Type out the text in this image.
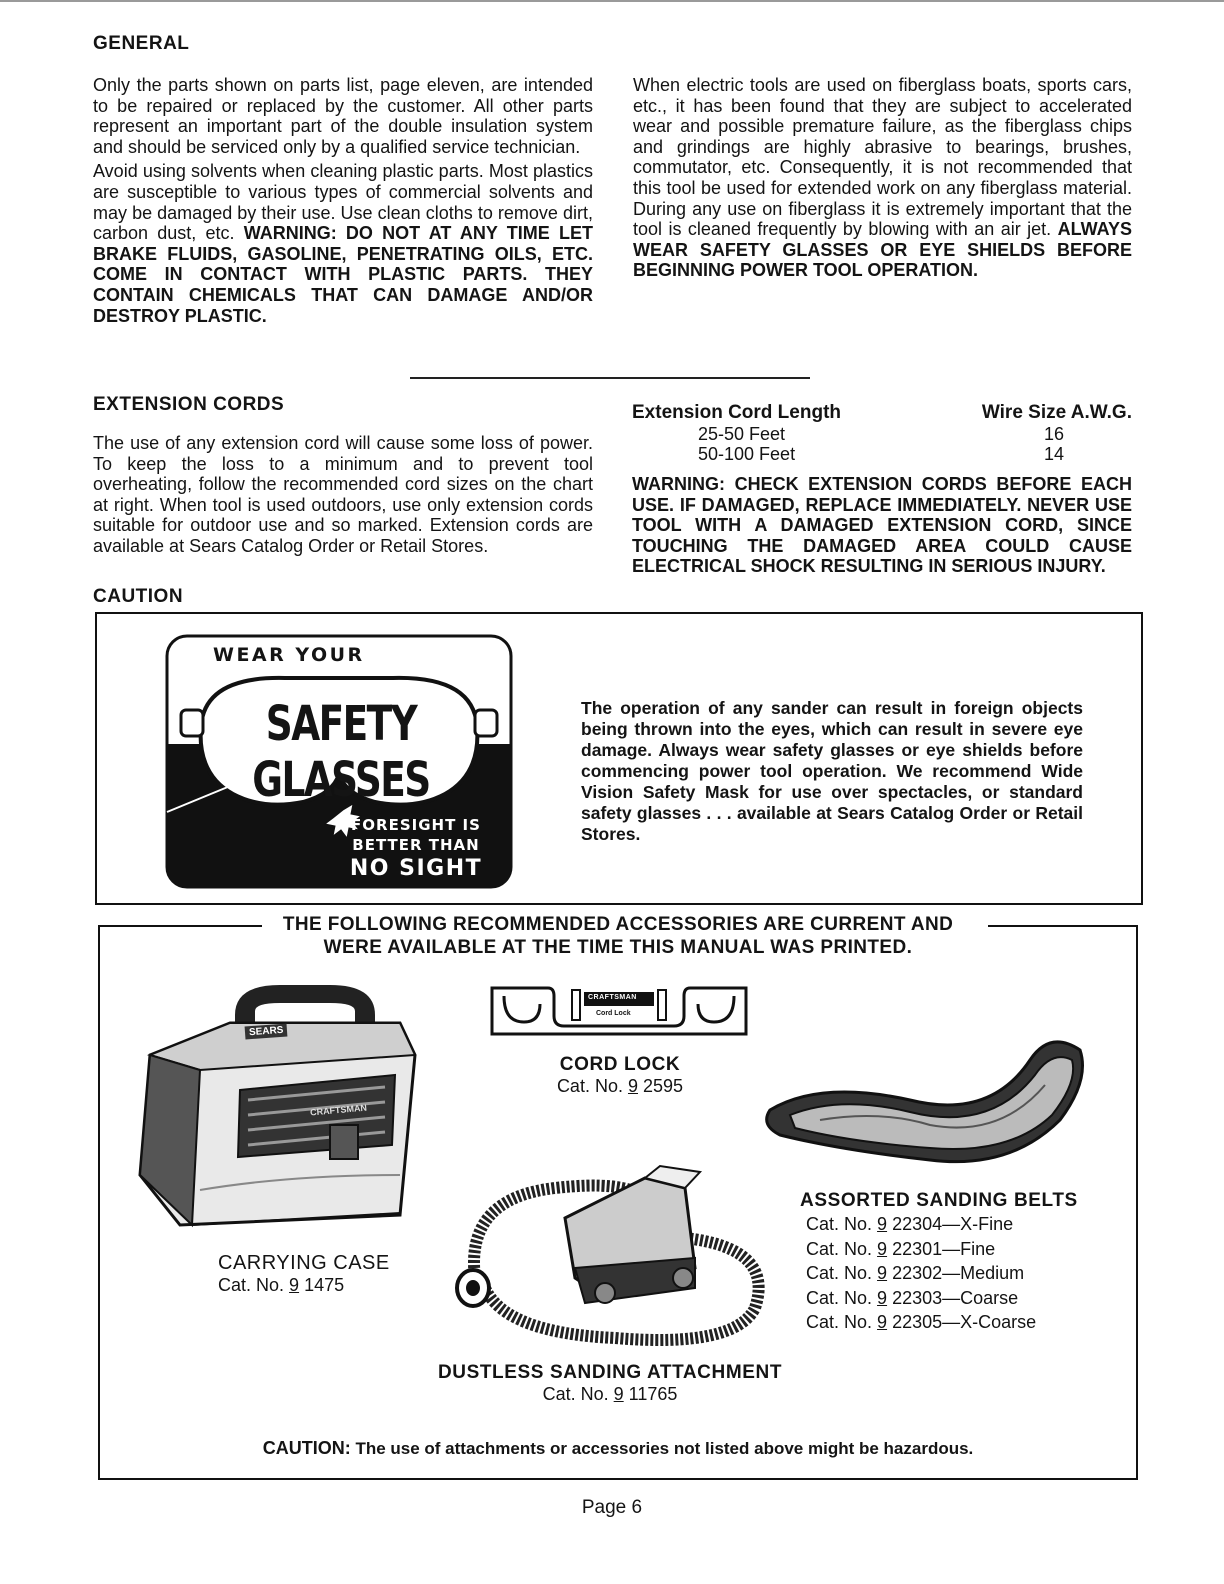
GENERAL

Only the parts shown on parts list, page eleven, are intended to be repaired or replaced by the customer. All other parts represent an important part of the double insulation system and should be serviced only by a qualified service technician.

Avoid using solvents when cleaning plastic parts. Most plastics are susceptible to various types of commercial solvents and may be damaged by their use. Use clean cloths to remove dirt, carbon dust, etc. WARNING: DO NOT AT ANY TIME LET BRAKE FLUIDS, GASOLINE, PENETRATING OILS, ETC. COME IN CONTACT WITH PLASTIC PARTS. THEY CONTAIN CHEMICALS THAT CAN DAMAGE AND/OR DESTROY PLASTIC.

When electric tools are used on fiberglass boats, sports cars, etc., it has been found that they are subject to accelerated wear and possible premature failure, as the fiberglass chips and grindings are highly abrasive to bearings, brushes, commutator, etc. Consequently, it is not recommended that this tool be used for extended work on any fiberglass material. During any use on fiberglass it is extremely important that the tool is cleaned frequently by blowing with an air jet. ALWAYS WEAR SAFETY GLASSES OR EYE SHIELDS BEFORE BEGINNING POWER TOOL OPERATION.

EXTENSION CORDS

The use of any extension cord will cause some loss of power. To keep the loss to a minimum and to prevent tool overheating, follow the recommended cord sizes on the chart at right. When tool is used outdoors, use only extension cords suitable for outdoor use and so marked. Extension cords are available at Sears Catalog Order or Retail Stores.

Extension Cord Length	Wire Size A.W.G.
25-50 Feet	16
50-100 Feet	14

WARNING: CHECK EXTENSION CORDS BEFORE EACH USE. IF DAMAGED, REPLACE IMMEDIATELY. NEVER USE TOOL WITH A DAMAGED EXTENSION CORD, SINCE TOUCHING THE DAMAGED AREA COULD CAUSE ELECTRICAL SHOCK RESULTING IN SERIOUS INJURY.

CAUTION
WEAR YOUR
SAFETY GLASSES
FORESIGHT IS
BETTER THAN
NO SIGHT

The operation of any sander can result in foreign objects being thrown into the eyes, which can result in severe eye damage. Always wear safety glasses or eye shields before commencing power tool operation. We recommend Wide Vision Safety Mask for use over spectacles, or standard safety glasses . . . available at Sears Catalog Order or Retail Stores.

THE FOLLOWING RECOMMENDED ACCESSORIES ARE CURRENT AND
WERE AVAILABLE AT THE TIME THIS MANUAL WAS PRINTED.
SEARS
CRAFTSMAN
CARRYING CASE
Cat. No. 9 1475
CRAFTSMAN
Cord Lock
CORD LOCK
Cat. No. 9 2595
ASSORTED SANDING BELTS
Cat. No. 9 22304—X-Fine
Cat. No. 9 22301—Fine
Cat. No. 9 22302—Medium
Cat. No. 9 22303—Coarse
Cat. No. 9 22305—X-Coarse
DUSTLESS SANDING ATTACHMENT
Cat. No. 9 11765
CAUTION: The use of attachments or accessories not listed above might be hazardous.
Page 6
